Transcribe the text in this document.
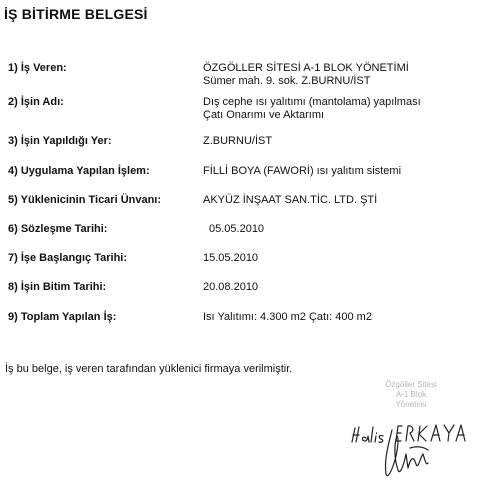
İŞ BİTİRME BELGESİ
1) İş Veren:	ÖZGÖLLER SİTESİ A-1 BLOK YÖNETİMİ
Sümer mah. 9. sok. Z.BURNU/İST
2) İşin Adı:	Dış cephe ısı yalıtımı (mantolama) yapılması
Çatı Onarımı ve Aktarımı
3) İşin Yapıldığı Yer:	Z.BURNU/İST
4) Uygulama Yapılan İşlem:	FİLLİ BOYA (FAWORİ) ısı yalıtım sistemi
5) Yüklenicinin Ticari Ünvanı:	AKYÜZ İNŞAAT SAN.TİC. LTD. ŞTİ
6) Sözleşme Tarihi:	05.05.2010
7) İşe Başlangıç Tarihi:	15.05.2010
8) İşin Bitim Tarihi:	20.08.2010
9) Toplam Yapılan İş:	Isı Yalıtımı: 4.300 m2 Çatı: 400 m2
İş bu belge, iş veren tarafından yüklenici firmaya verilmiştir.
Özgöller Sitesi
A-1 Blok
Yönetimi
